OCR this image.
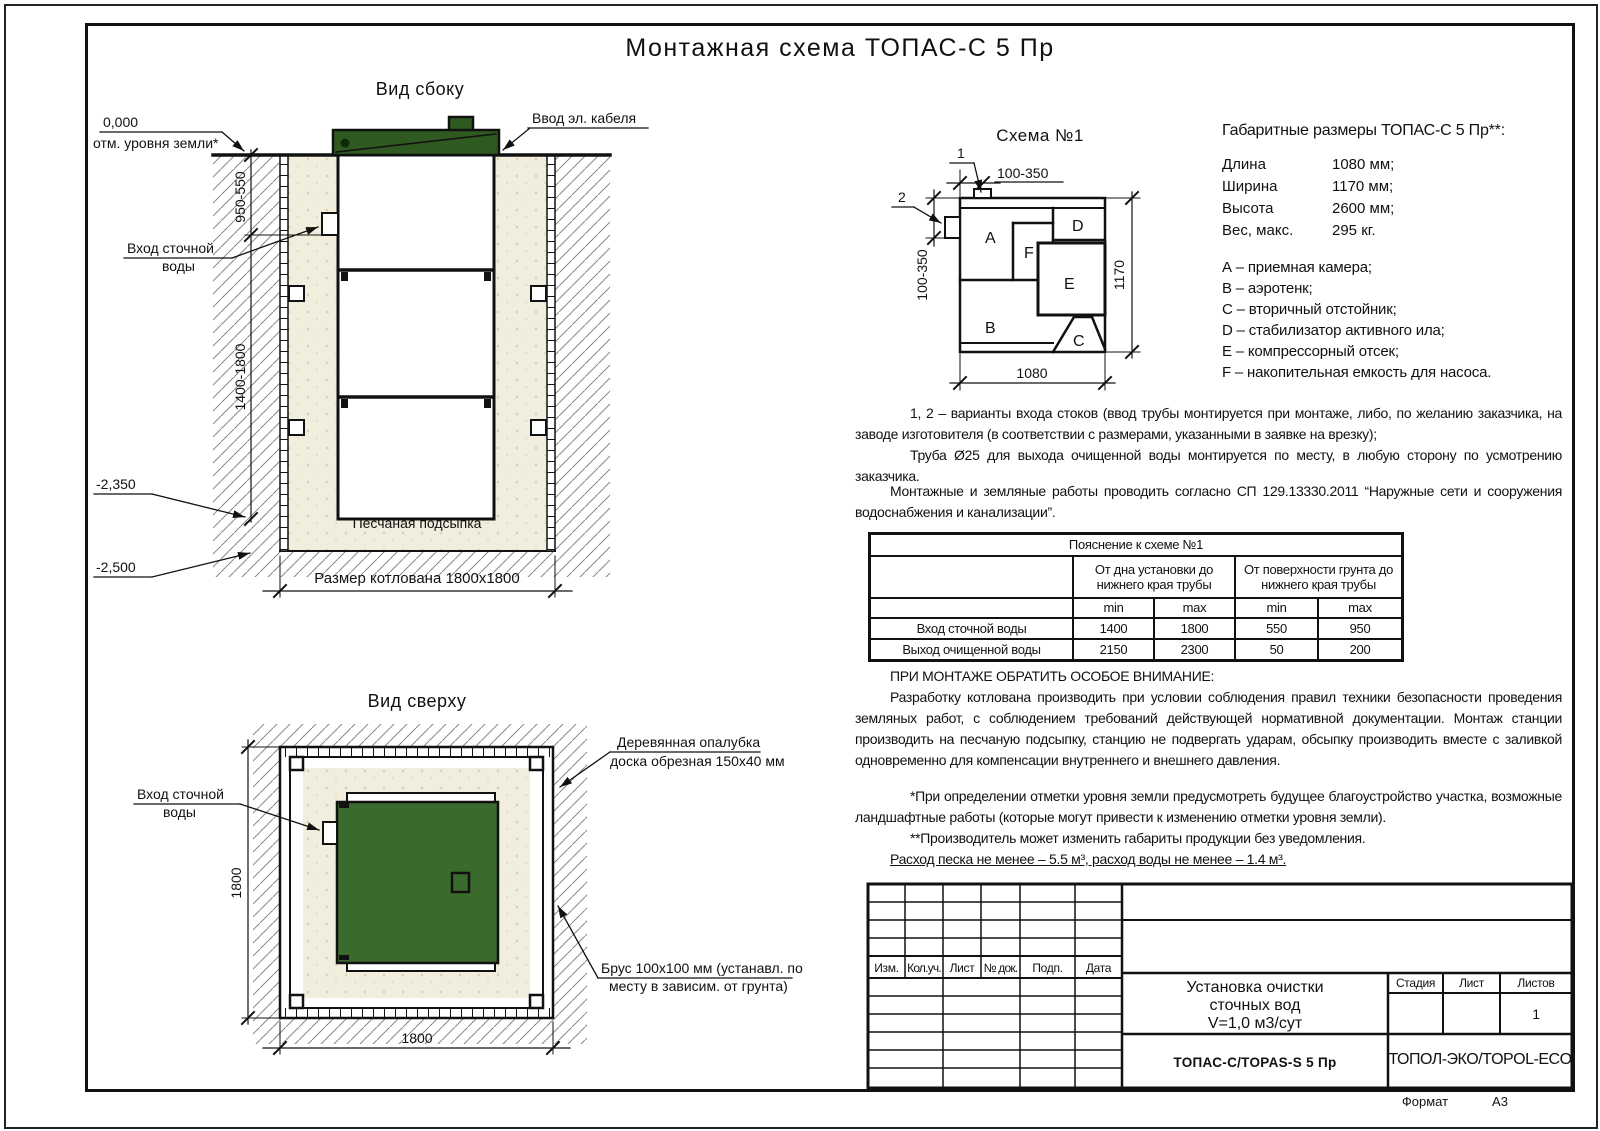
Монтажная схема ТОПАС-С 5 Пр
Ввод эл. кабеля
0,000
отм. уровня земли*
950-550
1400-1800
-2,350
-2,500
Песчаная подсыпка
Размер котлована 1800х1800
Вход сточной
воды
Вид сбоку
1800
1800
Деревянная опалубка
доска обрезная 150х40 мм
Брус 100х100 мм (устанавл. по
месту в зависим. от грунта)
Вход сточной
воды
Вид сверху
A
B
C
D
E
F
1
2
100-350
100-350	1170
1080
Схема №1	Габаритные размеры ТОПАС-С 5 Пр**:
Длина	1080 мм;
Ширина	1170 мм;
Высота	2600 мм;
Вес, макс.	295 кг.
А – приемная камера;
В – аэротенк;
С – вторичный отстойник;
D – стабилизатор активного ила;
E – компрессорный отсек;
F – накопительная емкость для насоса.

1, 2 – варианты входа стоков (ввод трубы монтируется при монтаже, либо, по желанию заказчика, на заводе изготовителя (в соответствии с размерами, указанными в заявке на врезку);

Труба Ø25 для выхода очищенной воды монтируется по месту, в любую сторону по усмотрению заказчика.

Монтажные и земляные работы проводить согласно СП 129.13330.2011 “Наружные сети и сооружения водоснабжения и канализации”.

ПРИ МОНТАЖЕ ОБРАТИТЬ ОСОБОЕ ВНИМАНИЕ:

Разработку котлована производить при условии соблюдения правил техники безопасности проведения земляных работ, с соблюдением требований действующей нормативной документации. Монтаж станции производить на песчаную подсыпку, станцию не подвергать ударам, обсыпку производить вместе с заливкой одновременно для компенсации внутреннего и внешнего давления.

*При определении отметки уровня земли предусмотреть будущее благоустройство участка, возможные ландшафтные работы (которые могут привести к изменению отметки уровня земли).

**Производитель может изменить габариты продукции без уведомления.

Расход песка не менее – 5.5 м³, расход воды не менее – 1.4 м³.

Пояснение к схеме №1				
	От дна установки до нижнего края трубы		От поверхности грунта до нижнего края трубы	
	min	max	min	max
Вход сточной воды	1400	1800	550	950
Выход очищенной воды	2150	2300	50	200
Изм. Кол.уч. Лист № док.	Подп.	Дата
Установка очистки
сточных вод
V=1,0 м3/сут
Стадия	Лист	Листов
1
ТОПАС-С/TOPAS-S 5 Пр	ТОПОЛ-ЭКО/TOPOL-ECO
Формат	А3
